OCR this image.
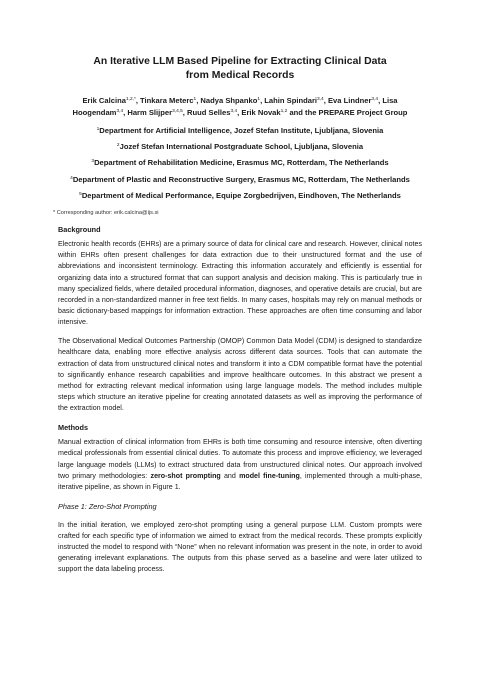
An Iterative LLM Based Pipeline for Extracting Clinical Data
from Medical Records
Erik Calcina$^{1,2,*}$, Tinkara Meterc$^1$, Nadya Shpanko$^1$, Lahin Spindari$^{3,4}$, Eva Lindner$^{3,4}$, Lisa
Hoogendam$^{3,4}$, Harm Slijper$^{3,4,5}$, Ruud Selles$^{3,4}$, Erik Novak$^{1,2}$ and the PREPARE Project Group
$^1$Department for Artificial Intelligence, Jozef Stefan Institute, Ljubljana, Slovenia
$^2$Jozef Stefan International Postgraduate School, Ljubljana, Slovenia
$^3$Department of Rehabilitation Medicine, Erasmus MC, Rotterdam, The Netherlands
$^4$Department of Plastic and Reconstructive Surgery, Erasmus MC, Rotterdam, The Netherlands
$^5$Department of Medical Performance, Equipe Zorgbedrijven, Eindhoven, The Netherlands
* Corresponding author: erik.calcina@ijs.si
Background

Electronic health records (EHRs) are a primary source of data for clinical care and research. However, clinical notes within EHRs often present challenges for data extraction due to their unstructured format and the use of abbreviations and inconsistent terminology. Extracting this information accurately and efficiently is essential for organizing data into a structured format that can support analysis and decision making. This is particularly true in many specialized fields, where detailed procedural information, diagnoses, and operative details are crucial, but are recorded in a non-standardized manner in free text fields. In many cases, hospitals may rely on manual methods or basic dictionary-based mappings for information extraction. These approaches are often time consuming and labor intensive.

The Observational Medical Outcomes Partnership (OMOP) Common Data Model (CDM) is designed to standardize healthcare data, enabling more effective analysis across different data sources. Tools that can automate the extraction of data from unstructured clinical notes and transform it into a CDM compatible format have the potential to significantly enhance research capabilities and improve healthcare outcomes. In this abstract we present a method for extracting relevant medical information using large language models. The method includes multiple steps which structure an iterative pipeline for creating annotated datasets as well as improving the performance of the extraction model.

Methods

Manual extraction of clinical information from EHRs is both time consuming and resource intensive, often diverting medical professionals from essential clinical duties. To automate this process and improve efficiency, we leveraged large language models (LLMs) to extract structured data from unstructured clinical notes. Our approach involved two primary methodologies: zero-shot prompting and model fine-tuning, implemented through a multi-phase, iterative pipeline, as shown in Figure 1.

Phase 1: Zero-Shot Prompting

In the initial iteration, we employed zero-shot prompting using a general purpose LLM. Custom prompts were crafted for each specific type of information we aimed to extract from the medical records. These prompts explicitly instructed the model to respond with “None” when no relevant information was present in the note, in order to avoid generating irrelevant explanations. The outputs from this phase served as a baseline and were later utilized to support the data labeling process.
